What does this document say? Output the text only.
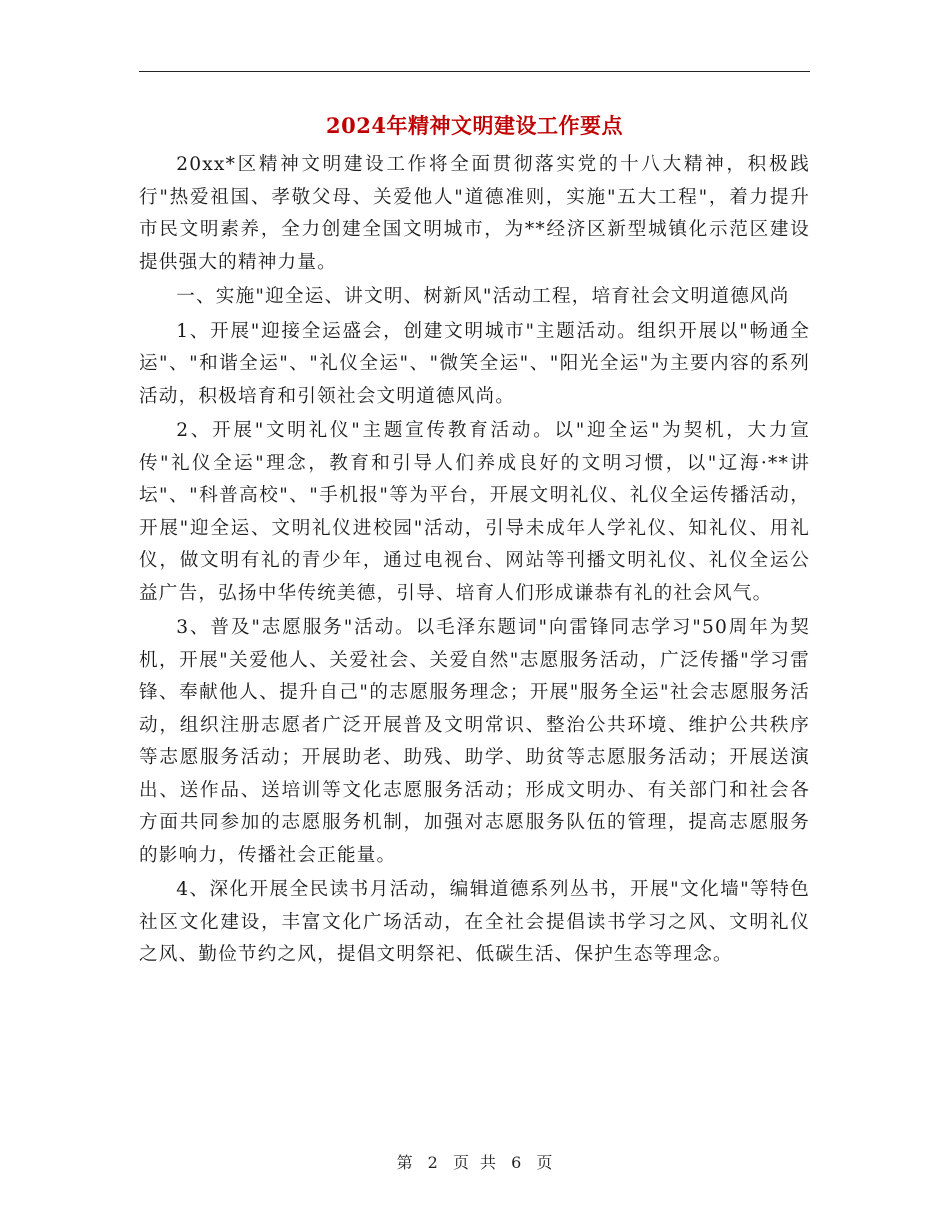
2024年精神文明建设工作要点

20xx*区精神文明建设工作将全面贯彻落实党的十八大精神，积极践行"热爱祖国、孝敬父母、关爱他人"道德准则，实施"五大工程"，着力提升市民文明素养，全力创建全国文明城市，为**经济区新型城镇化示范区建设提供强大的精神力量。

一、实施"迎全运、讲文明、树新风"活动工程，培育社会文明道德风尚

1、开展"迎接全运盛会，创建文明城市"主题活动。组织开展以"畅通全运"、"和谐全运"、"礼仪全运"、"微笑全运"、"阳光全运"为主要内容的系列活动，积极培育和引领社会文明道德风尚。

2、开展"文明礼仪"主题宣传教育活动。以"迎全运"为契机，大力宣传"礼仪全运"理念，教育和引导人们养成良好的文明习惯，以"辽海·**讲坛"、"科普高校"、"手机报"等为平台，开展文明礼仪、礼仪全运传播活动，开展"迎全运、文明礼仪进校园"活动，引导未成年人学礼仪、知礼仪、用礼仪，做文明有礼的青少年，通过电视台、网站等刊播文明礼仪、礼仪全运公益广告，弘扬中华传统美德，引导、培育人们形成谦恭有礼的社会风气。

3、普及"志愿服务"活动。以毛泽东题词"向雷锋同志学习"50周年为契机，开展"关爱他人、关爱社会、关爱自然"志愿服务活动，广泛传播"学习雷锋、奉献他人、提升自己"的志愿服务理念；开展"服务全运"社会志愿服务活动，组织注册志愿者广泛开展普及文明常识、整治公共环境、维护公共秩序等志愿服务活动；开展助老、助残、助学、助贫等志愿服务活动；开展送演出、送作品、送培训等文化志愿服务活动；形成文明办、有关部门和社会各方面共同参加的志愿服务机制，加强对志愿服务队伍的管理，提高志愿服务的影响力，传播社会正能量。

4、深化开展全民读书月活动，编辑道德系列丛书，开展"文化墙"等特色社区文化建设，丰富文化广场活动，在全社会提倡读书学习之风、文明礼仪之风、勤俭节约之风，提倡文明祭祀、低碳生活、保护生态等理念。

第 2 页 共 6 页
